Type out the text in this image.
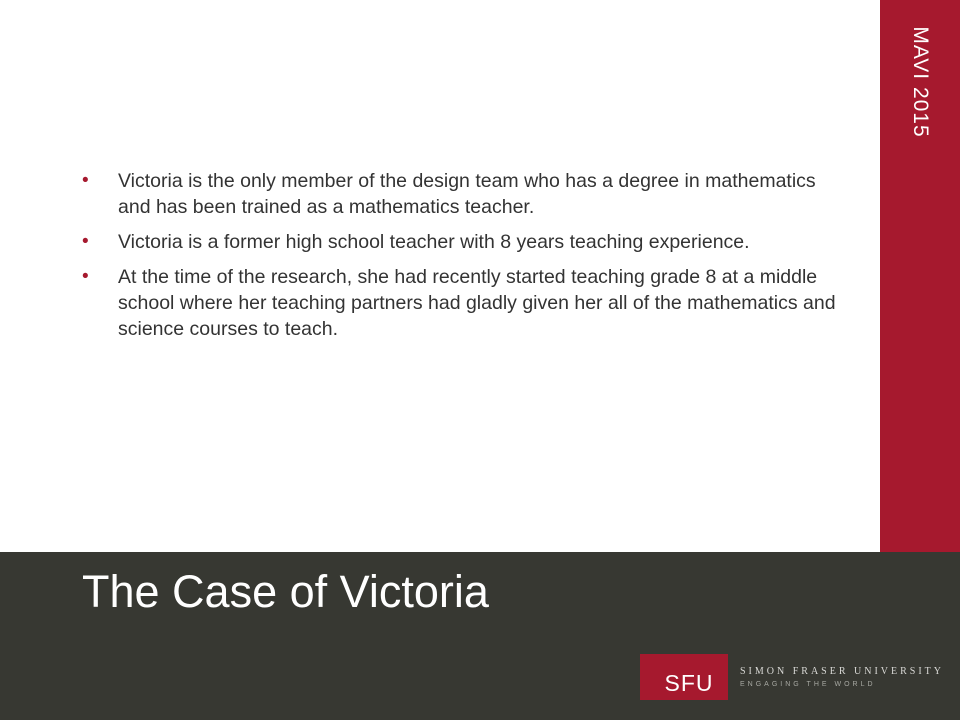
MAVI 2015
• Victoria is the only member of the design team who has a degree in mathematics and has been trained as a mathematics teacher.
• Victoria is a former high school teacher with 8 years teaching experience.
• At the time of the research, she had recently started teaching grade 8 at a middle school where her teaching partners had gladly given her all of the mathematics and science courses to teach.
The Case of Victoria
SFU	SIMON FRASER UNIVERSITY
ENGAGING THE WORLD
